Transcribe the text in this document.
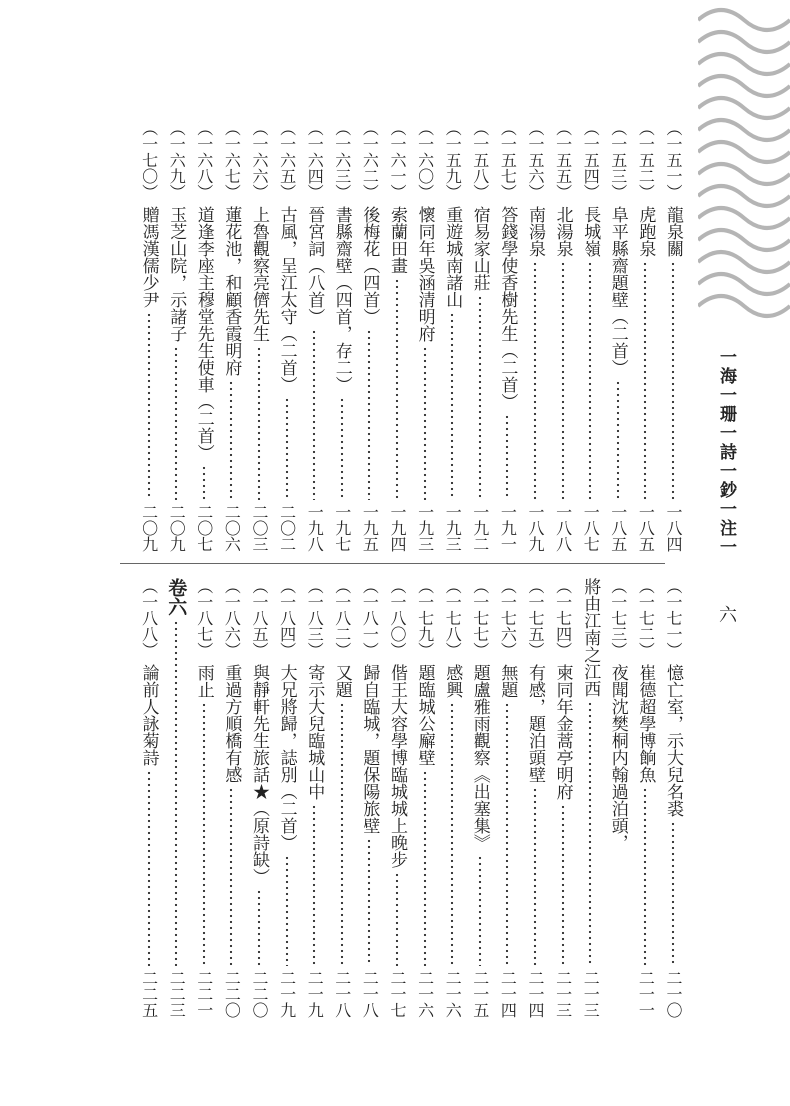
一海一珊一詩一鈔一注一
六
（一五一）
龍泉關
一八四
（一五二）
虎跑泉
一八五
（一五三）
阜平縣齋題壁（二首）
一八五
（一五四）
長城嶺
一八七
（一五五）
北湯泉
一八八
（一五六）
南湯泉
一八九
（一五七）
答錢學使香樹先生（二首）
一九一
（一五八）
宿易家山莊
一九二
（一五九）
重遊城南諸山
一九三
（一六〇）
懷同年吳涵清明府
一九三
（一六一）
索蘭田畫
一九四
（一六二）
後梅花（四首）
一九五
（一六三）
書縣齋壁（四首，存二）
一九七
（一六四）
晉宮詞（八首）
一九八
（一六五）
古風，呈江太守（二首）
二〇二
（一六六）
上魯觀察亮儕先生
二〇三
（一六七）
蓮花池，和顧香霞明府
二〇六
（一六八）
道逢李座主穆堂先生使車（二首）
二〇七
（一六九）
玉芝山院，示諸子
二〇九
（一七〇）
贈馮漢儒少尹
二〇九
（一七一）
憶亡室，示大兒名裘
二一〇
（一七二）
崔德超學博餉魚
二一一
（一七三）
夜聞沈樊桐内翰過泊頭，
將由江南之江西
二一三
（一七四）
柬同年金蒿亭明府
二一三
（一七五）
有感，題泊頭壁
二一四
（一七六）
無題
二一四
（一七七）
題盧雅雨觀察《出塞集》
二一五
（一七八）
感興
二一六
（一七九）
題臨城公廨壁
二一六
（一八〇）
偕王大容學博臨城城上晚步
二一七
（一八一）
歸自臨城，題保陽旅壁
二一八
（一八二）
又題
二一八
（一八三）
寄示大兒臨城山中
二一九
（一八四）
大兄將歸，誌別（二首）
二一九
（一八五）
與靜軒先生旅話★（原詩缺）
二二〇
（一八六）
重過方順橋有感
二二〇
（一八七）
雨止
二二一
卷六
二二三
（一八八）
論前人詠菊詩
二二五
